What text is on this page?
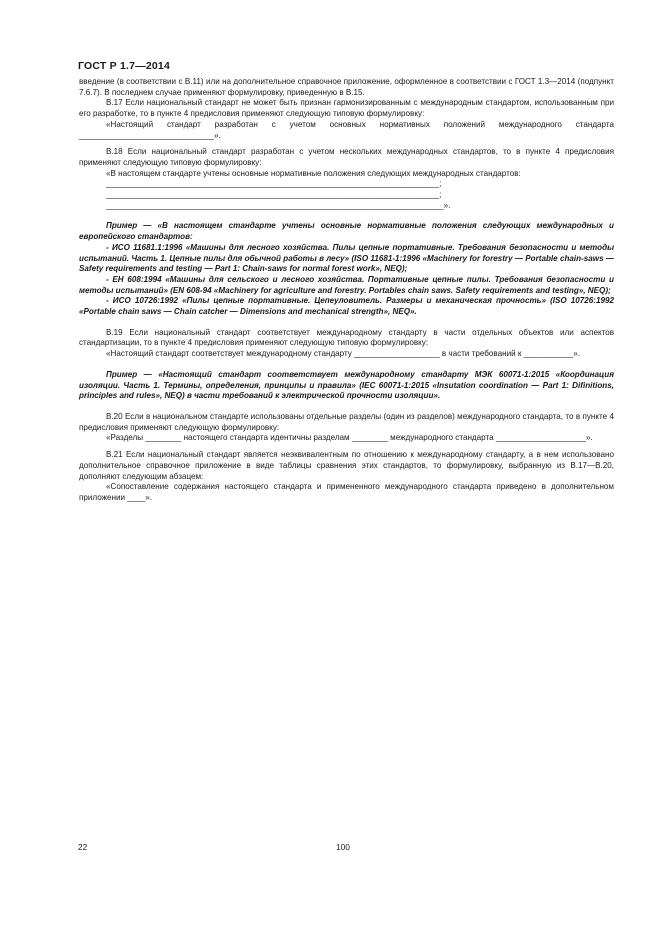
ГОСТ Р 1.7—2014

введение (в соответствии с В.11) или на дополнительное справочное приложение, оформленное в соответствии с ГОСТ 1.3—2014 (подпункт 7.6.7). В последнем случае применяют формулировку, приведенную в В.15.

В.17 Если национальный стандарт не может быть признан гармонизированным с международным стандартом, использованным при его разработке, то в пункте 4 предисловия применяют следующую типовую формулировку:

«Настоящий стандарт разработан с учетом основных нормативных положений международного стандарта ______________________________».

В.18 Если национальный стандарт разработан с учетом нескольких международных стандартов, то в пункте 4 предисловия применяют следующую типовую формулировку:

«В настоящем стандарте учтены основные нормативные положения следующих международных стандартов:

__________________________________________________________________________;

__________________________________________________________________________;

___________________________________________________________________________».

Пример — «В настоящем стандарте учтены основные нормативные положения следующих международных и европейского стандартов:

- ИСО 11681.1:1996 «Машины для лесного хозяйства. Пилы цепные портативные. Требования безопасности и методы испытаний. Часть 1. Цепные пилы для обычной работы в лесу» (ISO 11681-1:1996 «Machinery for forestry — Portable chain-saws — Safety requirements and testing — Part 1: Chain-saws for normal forest work», NEQ);

- ЕН 608:1994 «Машины для сельского и лесного хозяйства. Портативные цепные пилы. Требования безопасности и методы испытаний» (EN 608-94 «Machinery for agriculture and forestry. Portables chain saws. Safety requirements and testing», NEQ);

- ИСО 10726:1992 «Пилы цепные портативные. Цепеуловитель. Размеры и механическая прочность» (ISO 10726:1992 «Portable chain saws — Chain catcher — Dimensions and mechanical strength», NEQ».

В.19 Если национальный стандарт соответствует международному стандарту в части отдельных объектов или аспектов стандартизации, то в пункте 4 предисловия применяют следующую типовую формулировку:

«Настоящий стандарт соответствует международному стандарту ___________________ в части требований к ___________».

Пример — «Настоящий стандарт соответствует международному стандарту МЭК 60071-1:2015 «Координация изоляции. Часть 1. Термины, определения, принципы и правила» (IEC 60071-1:2015 «Insutation coordination — Part 1: Difinitions, principles and rules», NEQ) в части требований к электрической прочности изоляции».

В.20 Если в национальном стандарте использованы отдельные разделы (один из разделов) международного стандарта, то в пункте 4 предисловия применяют следующую формулировку:

«Разделы ________ настоящего стандарта идентичны разделам ________ международного стандарта ____________________».

В.21 Если национальный стандарт является неэквивалентным по отношению к международному стандарту, а в нем использовано дополнительное справочное приложение в виде таблицы сравнения этих стандартов, то формулировку, выбранную из В.17—В.20, дополняют следующим абзацем:

«Сопоставление содержания настоящего стандарта и примененного международного стандарта приведено в дополнительном приложении ____».

22	100
